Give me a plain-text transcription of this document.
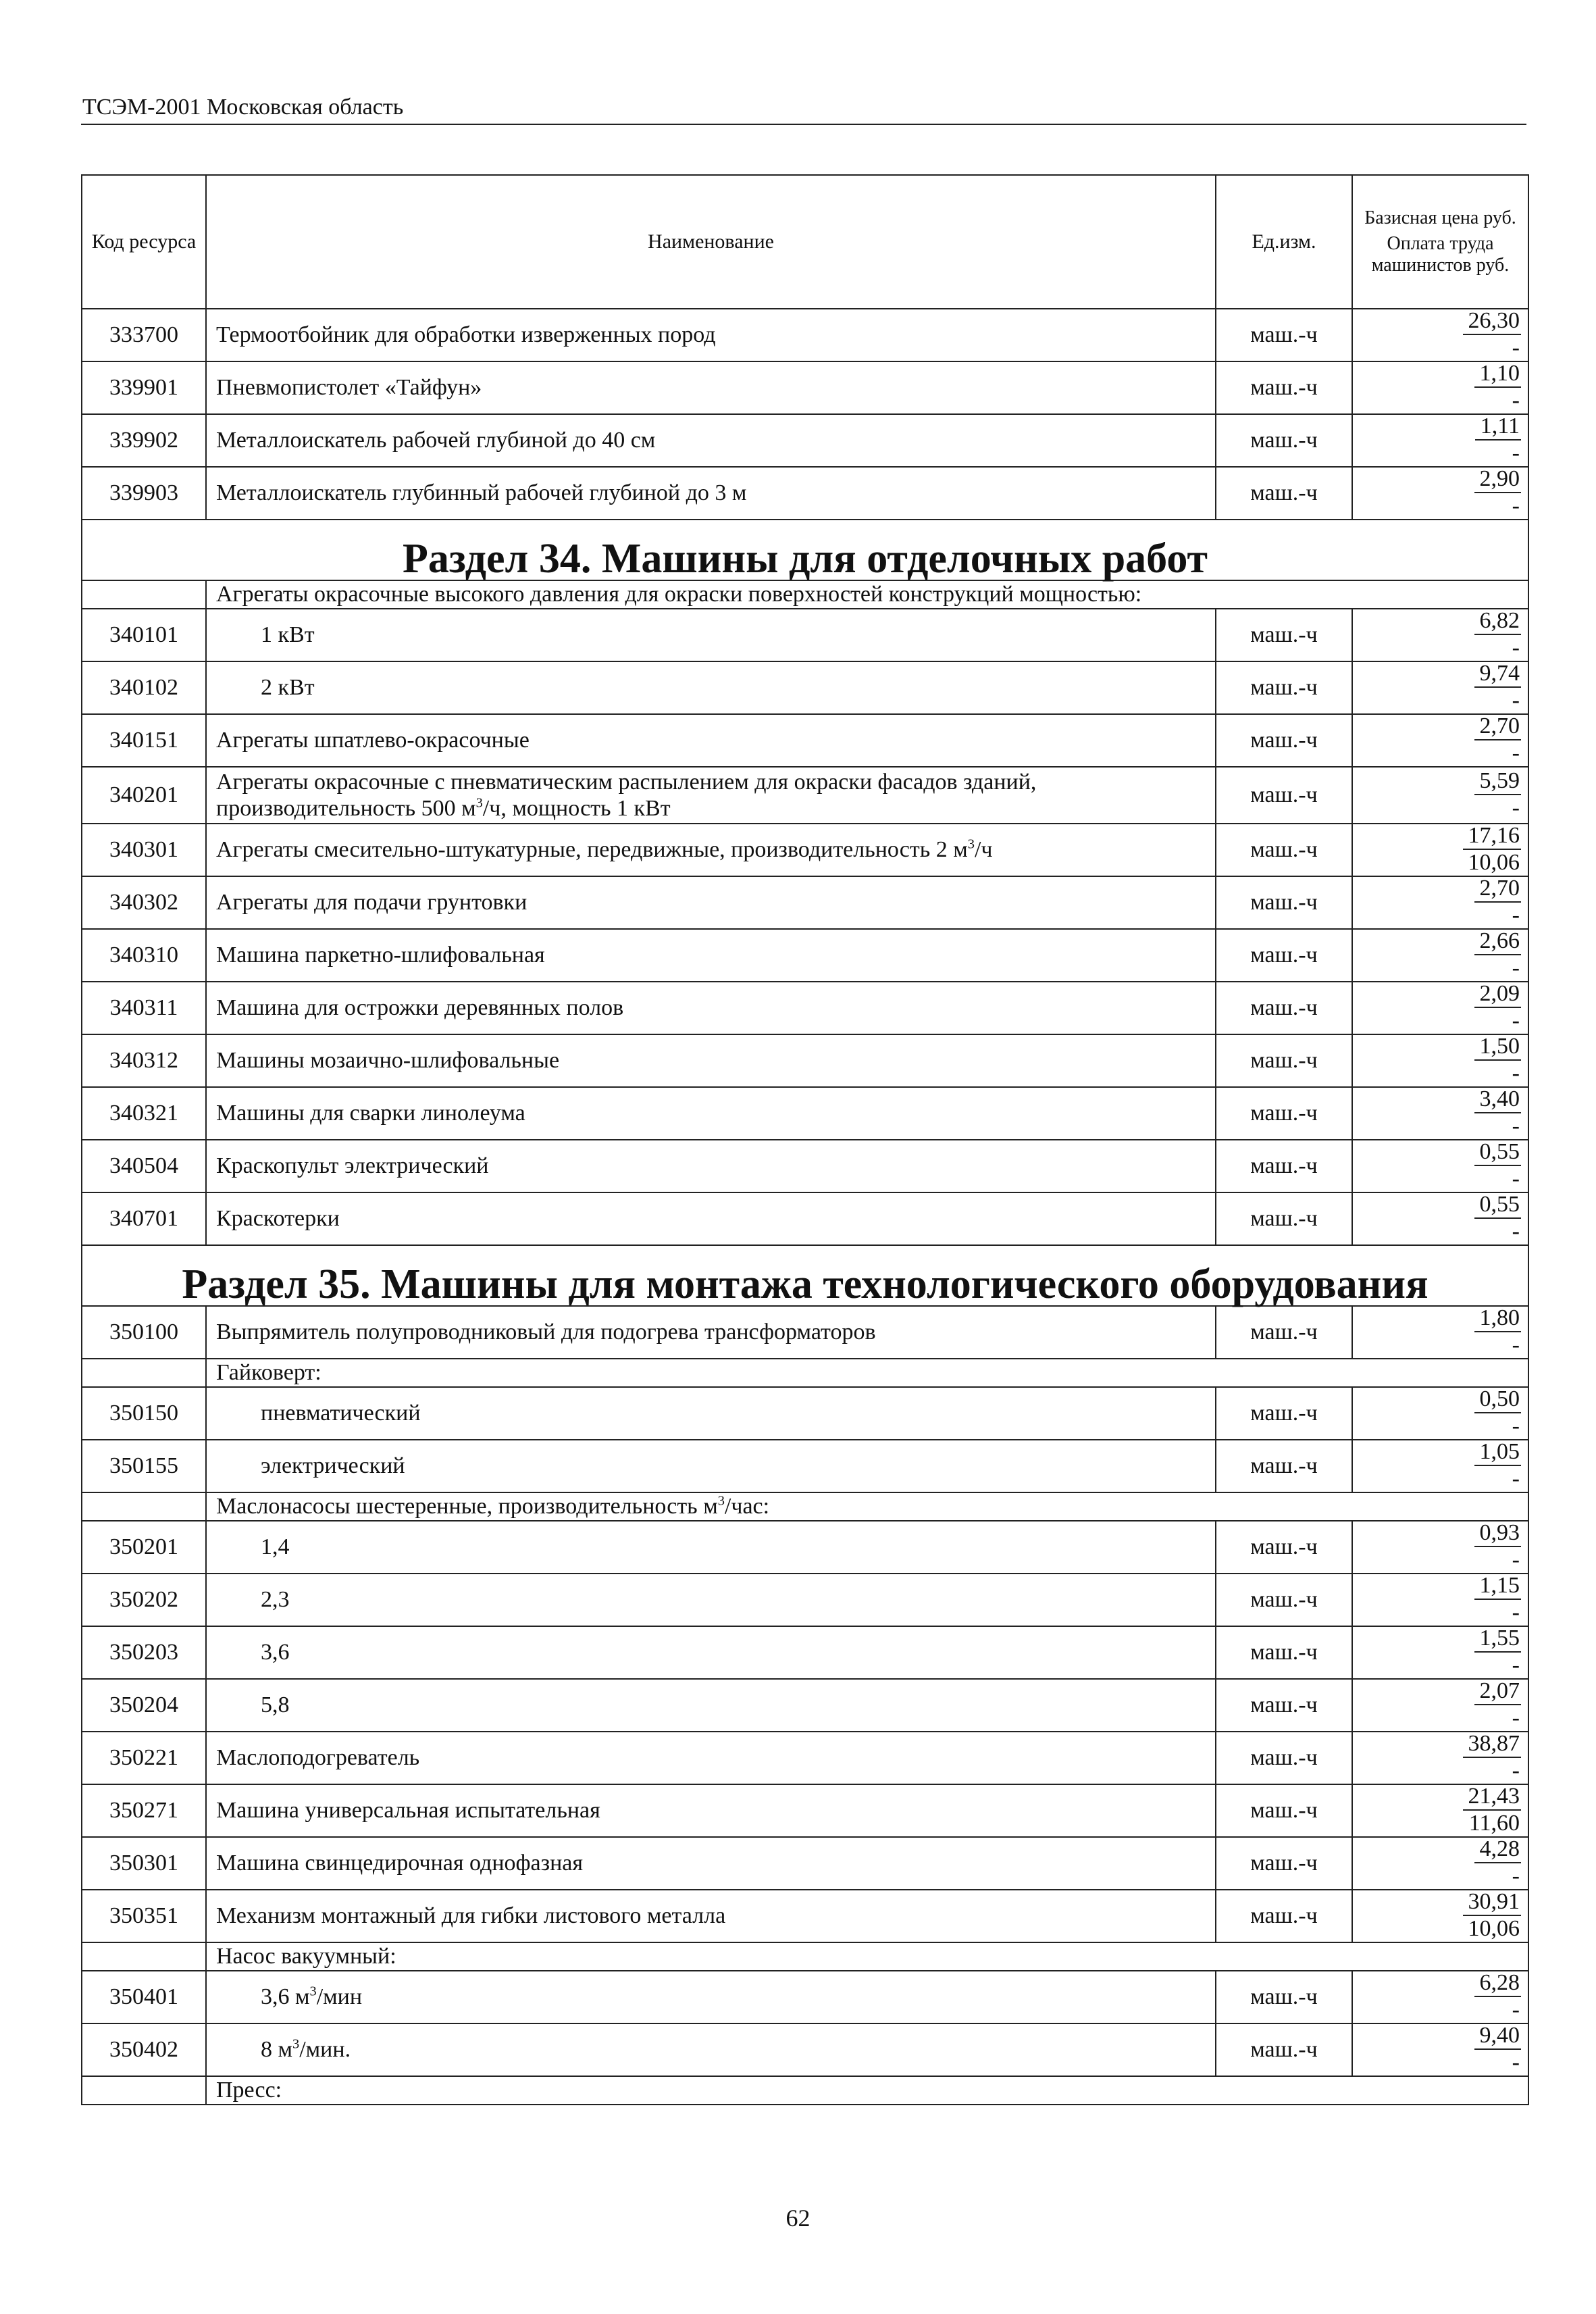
ТСЭМ-2001 Московская область
Код ресурса	Наименование	Ед.изм.	Базисная цена руб.
Оплата труда машинистов руб.

333700	Термоотбойник для обработки изверженных пород	маш.-ч	$\frac{26,30}{-}$

339901	Пневмопистолет «Тайфун»	маш.-ч	$\frac{1,10}{-}$

339902	Металлоискатель рабочей глубиной до 40 см	маш.-ч	$\frac{1,11}{-}$

339903	Металлоискатель глубинный рабочей глубиной до 3 м	маш.-ч	$\frac{2,90}{-}$

Раздел 34. Машины для отделочных работ			
	Агрегаты окрасочные высокого давления для окраски поверхностей конструкций мощностью:		
340101	1 кВт	маш.-ч	$\frac{6,82}{-}$

340102	2 кВт	маш.-ч	$\frac{9,74}{-}$

340151	Агрегаты шпатлево-окрасочные	маш.-ч	$\frac{2,70}{-}$

340201	Агрегаты окрасочные с пневматическим распылением для окраски фасадов зданий, производительность 500 $м^3/ч$, мощность 1 кВт	маш.-ч	$\frac{5,59}{-}$

340301	Агрегаты смесительно-штукатурные, передвижные, производительность 2 $м^3/ч$	маш.-ч	$\frac{17,16}{10,06}$

340302	Агрегаты для подачи грунтовки	маш.-ч	$\frac{2,70}{-}$

340310	Машина паркетно-шлифовальная	маш.-ч	$\frac{2,66}{-}$

340311	Машина для острожки деревянных полов	маш.-ч	$\frac{2,09}{-}$

340312	Машины мозаично-шлифовальные	маш.-ч	$\frac{1,50}{-}$

340321	Машины для сварки линолеума	маш.-ч	$\frac{3,40}{-}$

340504	Краскопульт электрический	маш.-ч	$\frac{0,55}{-}$

340701	Краскотерки	маш.-ч	$\frac{0,55}{-}$

Раздел 35. Машины для монтажа технологического оборудования			
350100	Выпрямитель полупроводниковый для подогрева трансформаторов	маш.-ч	$\frac{1,80}{-}$

	Гайковерт:		
350150	пневматический	маш.-ч	$\frac{0,50}{-}$

350155	электрический	маш.-ч	$\frac{1,05}{-}$

	Маслонасосы шестеренные, производительность $м^3$/час:		
350201	1,4	маш.-ч	$\frac{0,93}{-}$

350202	2,3	маш.-ч	$\frac{1,15}{-}$

350203	3,6	маш.-ч	$\frac{1,55}{-}$

350204	5,8	маш.-ч	$\frac{2,07}{-}$

350221	Маслоподогреватель	маш.-ч	$\frac{38,87}{-}$

350271	Машина универсальная испытательная	маш.-ч	$\frac{21,43}{11,60}$

350301	Машина свинцедирочная однофазная	маш.-ч	$\frac{4,28}{-}$

350351	Механизм монтажный для гибки листового металла	маш.-ч	$\frac{30,91}{10,06}$

	Насос вакуумный:		
350401	3,6 $м^3$/мин	маш.-ч	$\frac{6,28}{-}$

350402	8 $м^3$/мин.	маш.-ч	$\frac{9,40}{-}$

	Пресс:		
62
